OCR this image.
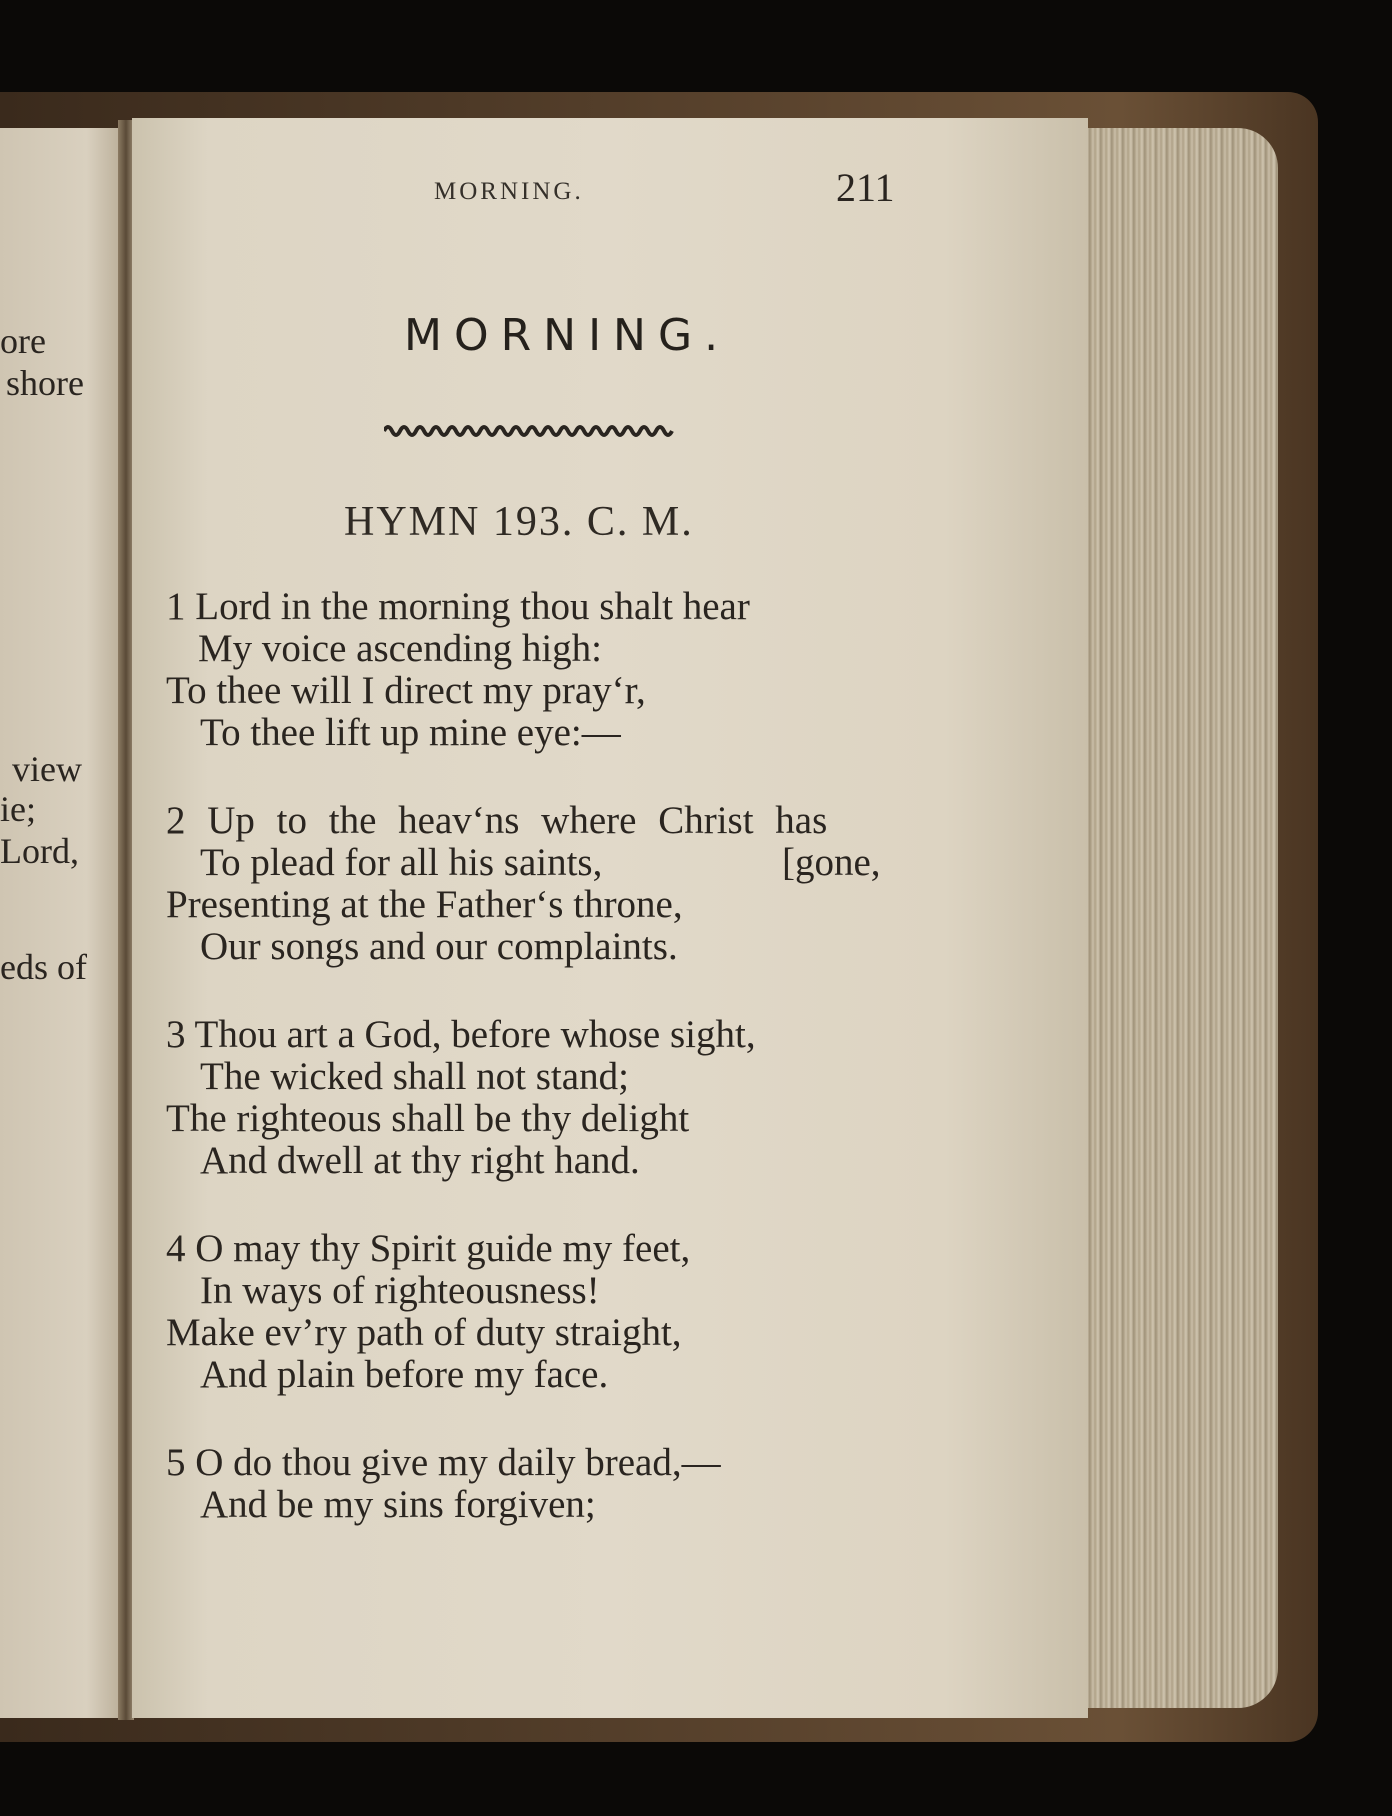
ore
shore
view
ie;
Lord,
eds of
MORNING.	211
MORNING.
HYMN 193. C. M.
1 Lord in the morning thou shalt hear
My voice ascending high:
To thee will I direct my pray‘r,
To thee lift up mine eye:—
2 Up to the heav‘ns where Christ has
To plead for all his saints,	[gone,
Presenting at the Father‘s throne,
Our songs and our complaints.
3 Thou art a God, before whose sight,
The wicked shall not stand;
The righteous shall be thy delight
And dwell at thy right hand.
4 O may thy Spirit guide my feet,
In ways of righteousness!
Make ev’ry path of duty straight,
And plain before my face.
5 O do thou give my daily bread,—
And be my sins forgiven;
